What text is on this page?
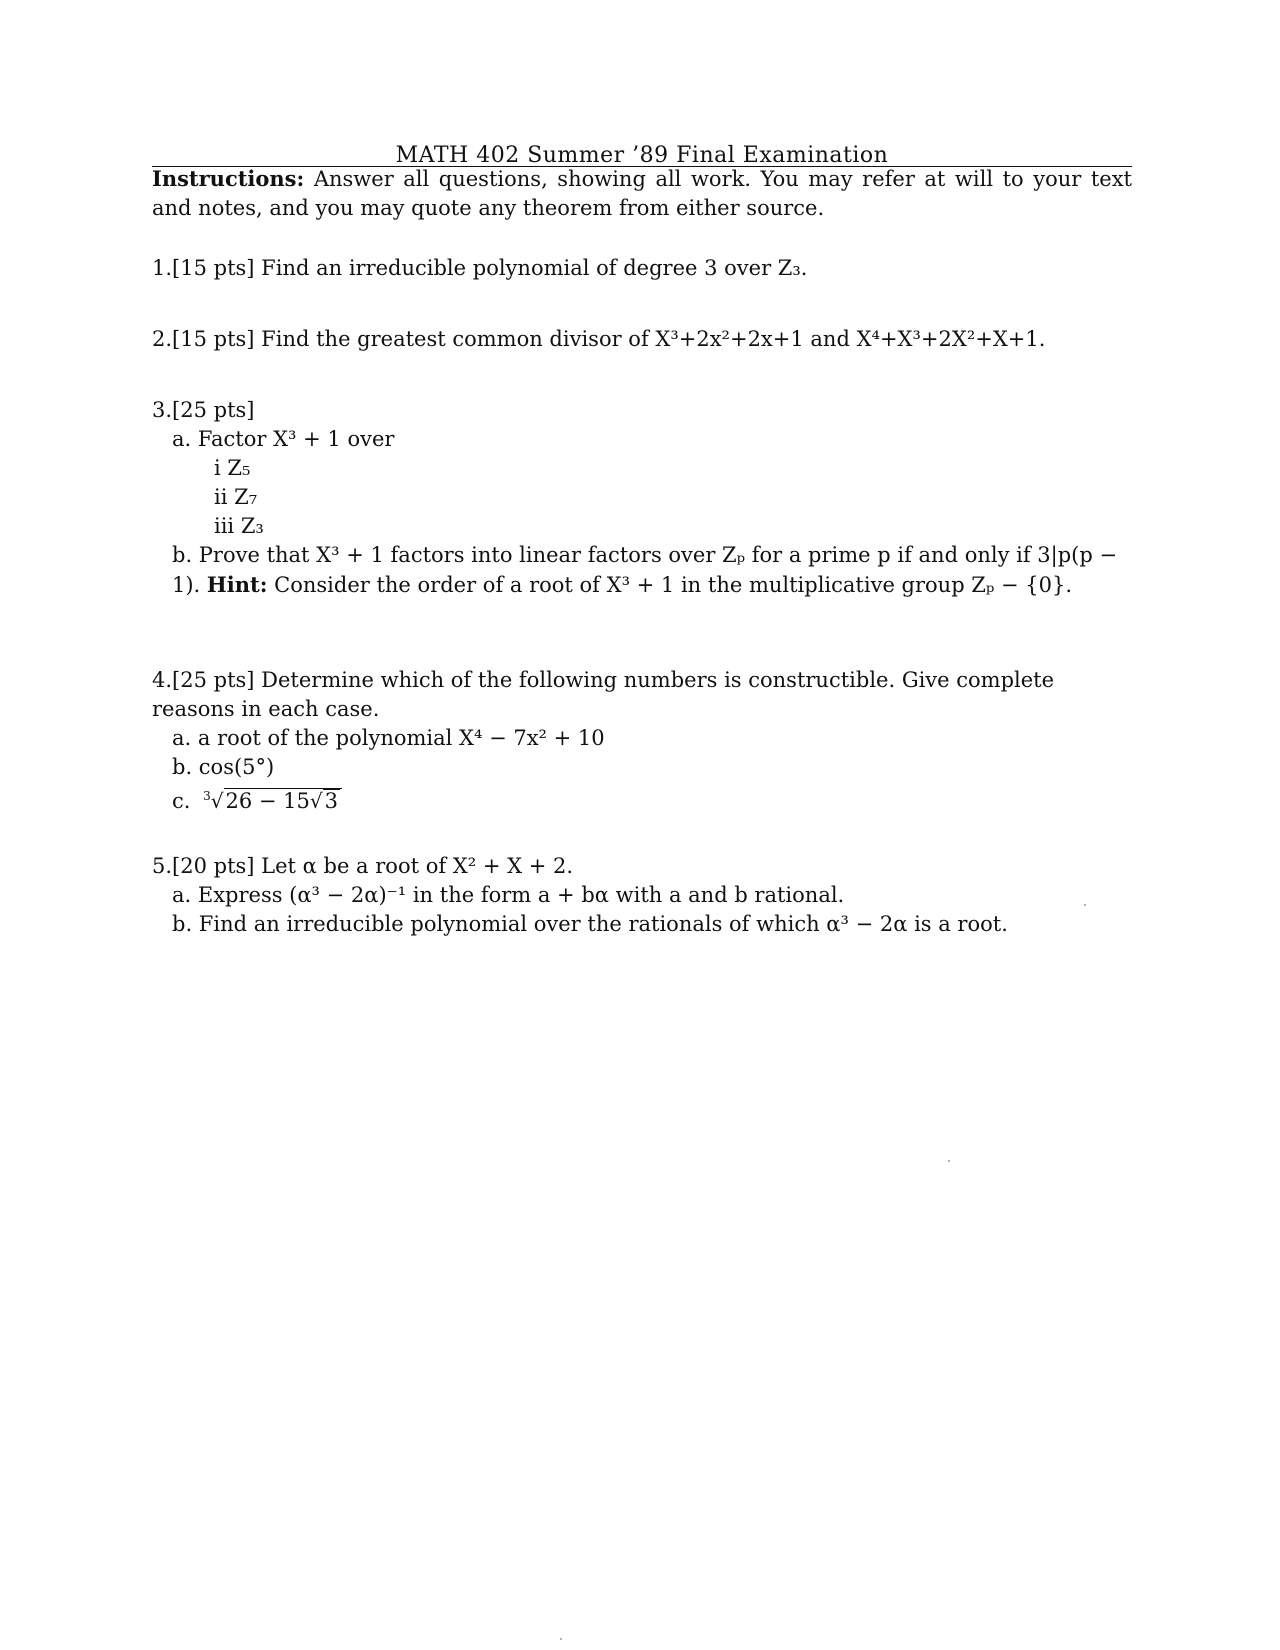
MATH 402 Summer ’89 Final Examination
Instructions: Answer all questions, showing all work. You may refer at will to your text and notes, and you may quote any theorem from either source.

1.[15 pts] Find an irreducible polynomial of degree 3 over Z₃.

2.[15 pts] Find the greatest common divisor of X³+2x²+2x+1 and X⁴+X³+2X²+X+1.

3.[25 pts]

a. Factor X³ + 1 over

i Z₅

ii Z₇

iii Z₃

b. Prove that X³ + 1 factors into linear factors over Zₚ for a prime p if and only if 3|p(p − 1). Hint: Consider the order of a root of X³ + 1 in the multiplicative group Zₚ − {0}.

4.[25 pts] Determine which of the following numbers is constructible. Give complete reasons in each case.

a. a root of the polynomial X⁴ − 7x² + 10

b. cos(5°)

c. $^3$√26 − 15√3

5.[20 pts] Let α be a root of X² + X + 2.

a. Express (α³ − 2α)⁻¹ in the form a + bα with a and b rational.

b. Find an irreducible polynomial over the rationals of which α³ − 2α is a root.
